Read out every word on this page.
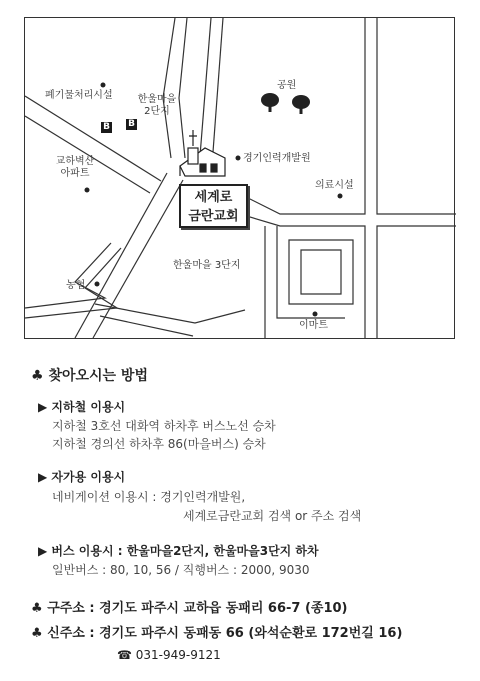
폐기물처리시설	한울마을
2단지
B B
공원
경기인력개발원
교하벽산
아파트
의료시설
세계로
금란교회
한울마을 3단지
농협
이마트
♣ 찾아오시는 방법
▶ 지하철 이용시
지하철 3호선 대화역 하차후 버스노선 승차
지하철 경의선 하차후 86(마을버스) 승차
▶ 자가용 이용시
네비게이션 이용시 : 경기인력개발원,
세계로금란교회 검색 or 주소 검색
▶ 버스 이용시 : 한울마을2단지, 한울마을3단지 하차
일반버스 : 80, 10, 56 / 직행버스 : 2000, 9030
♣ 구주소 : 경기도 파주시 교하읍 동패리 66-7 (종10)
♣ 신주소 : 경기도 파주시 동패동 66 (와석순환로 172번길 16)
☎ 031-949-9121
